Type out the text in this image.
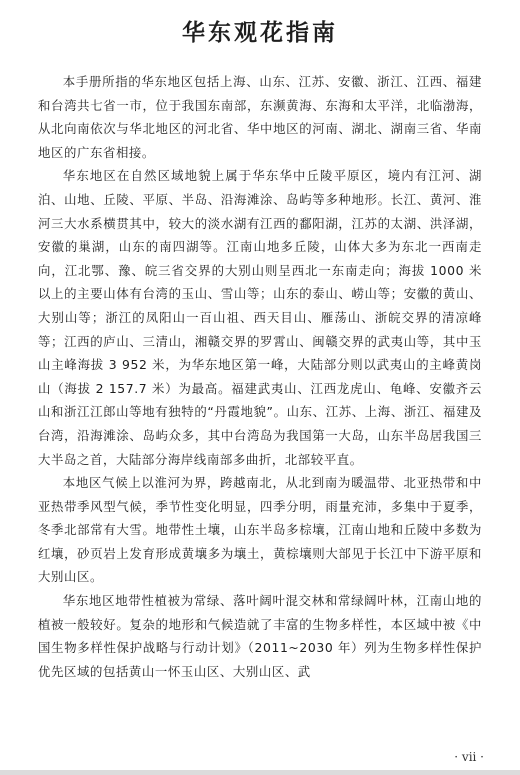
华东观花指南

本手册所指的华东地区包括上海、山东、江苏、安徽、浙江、江西、福建和台湾共七省一市，位于我国东南部，东濒黄海、东海和太平洋，北临渤海，从北向南依次与华北地区的河北省、华中地区的河南、湖北、湖南三省、华南地区的广东省相接。

华东地区在自然区域地貌上属于华东华中丘陵平原区，境内有江河、湖泊、山地、丘陵、平原、半岛、沿海滩涂、岛屿等多种地形。长江、黄河、淮河三大水系横贯其中，较大的淡水湖有江西的鄱阳湖，江苏的太湖、洪泽湖，安徽的巢湖，山东的南四湖等。江南山地多丘陵，山体大多为东北一西南走向，江北鄂、豫、皖三省交界的大别山则呈西北一东南走向；海拔 1000 米以上的主要山体有台湾的玉山、雪山等；山东的泰山、崂山等；安徽的黄山、大别山等；浙江的凤阳山一百山祖、西天目山、雁荡山、浙皖交界的清凉峰等；江西的庐山、三清山，湘赣交界的罗霄山、闽赣交界的武夷山等，其中玉山主峰海拔 3 952 米，为华东地区第一峰，大陆部分则以武夷山的主峰黄岗山（海拔 2 157.7 米）为最高。福建武夷山、江西龙虎山、龟峰、安徽齐云山和浙江江郎山等地有独特的“丹霞地貌”。山东、江苏、上海、浙江、福建及台湾，沿海滩涂、岛屿众多，其中台湾岛为我国第一大岛，山东半岛居我国三大半岛之首，大陆部分海岸线南部多曲折，北部较平直。

本地区气候上以淮河为界，跨越南北，从北到南为暖温带、北亚热带和中亚热带季风型气候，季节性变化明显，四季分明，雨量充沛，多集中于夏季，冬季北部常有大雪。地带性土壤，山东半岛多棕壤，江南山地和丘陵中多数为红壤，砂页岩上发育形成黄壤多为壤土，黄棕壤则大部见于长江中下游平原和大别山区。

华东地区地带性植被为常绿、落叶阔叶混交林和常绿阔叶林，江南山地的植被一般较好。复杂的地形和气候造就了丰富的生物多样性，本区域中被《中国生物多样性保护战略与行动计划》（2011~2030 年）列为生物多样性保护优先区域的包括黄山一怀玉山区、大别山区、武

· vii ·
